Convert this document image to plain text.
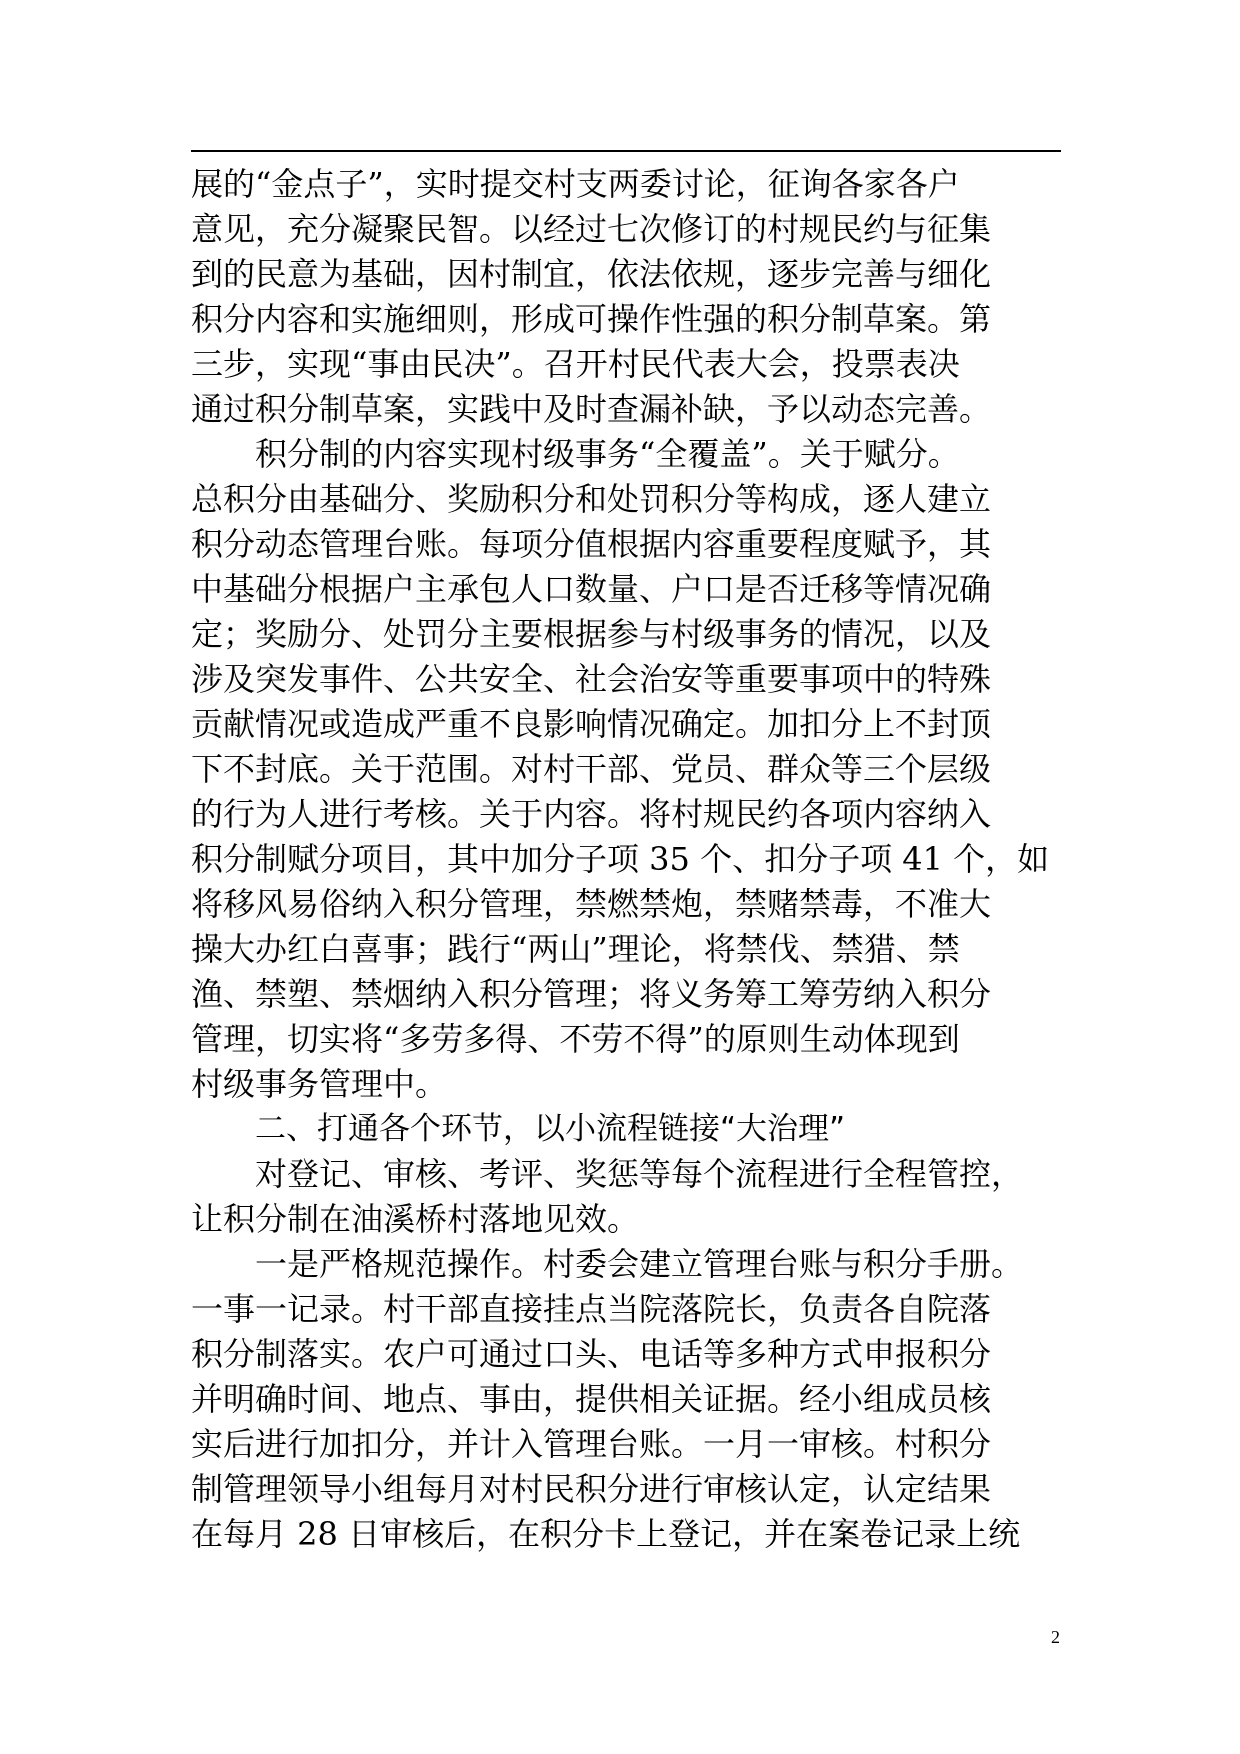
展的“金点子”，实时提交村支两委讨论，征询各家各户
意见，充分凝聚民智。以经过七次修订的村规民约与征集
到的民意为基础，因村制宜，依法依规，逐步完善与细化
积分内容和实施细则，形成可操作性强的积分制草案。第
三步，实现“事由民决”。召开村民代表大会，投票表决
通过积分制草案，实践中及时查漏补缺，予以动态完善。
积分制的内容实现村级事务“全覆盖”。关于赋分。
总积分由基础分、奖励积分和处罚积分等构成，逐人建立
积分动态管理台账。每项分值根据内容重要程度赋予，其
中基础分根据户主承包人口数量、户口是否迁移等情况确
定；奖励分、处罚分主要根据参与村级事务的情况，以及
涉及突发事件、公共安全、社会治安等重要事项中的特殊
贡献情况或造成严重不良影响情况确定。加扣分上不封顶
下不封底。关于范围。对村干部、党员、群众等三个层级
的行为人进行考核。关于内容。将村规民约各项内容纳入
积分制赋分项目，其中加分子项 35 个、扣分子项 41 个，如
将移风易俗纳入积分管理，禁燃禁炮，禁赌禁毒，不准大
操大办红白喜事；践行“两山”理论，将禁伐、禁猎、禁
渔、禁塑、禁烟纳入积分管理；将义务筹工筹劳纳入积分
管理，切实将“多劳多得、不劳不得”的原则生动体现到
村级事务管理中。
二、打通各个环节，以小流程链接“大治理”
对登记、审核、考评、奖惩等每个流程进行全程管控，
让积分制在油溪桥村落地见效。
一是严格规范操作。村委会建立管理台账与积分手册。
一事一记录。村干部直接挂点当院落院长，负责各自院落
积分制落实。农户可通过口头、电话等多种方式申报积分
并明确时间、地点、事由，提供相关证据。经小组成员核
实后进行加扣分，并计入管理台账。一月一审核。村积分
制管理领导小组每月对村民积分进行审核认定，认定结果
在每月 28 日审核后，在积分卡上登记，并在案卷记录上统
2
